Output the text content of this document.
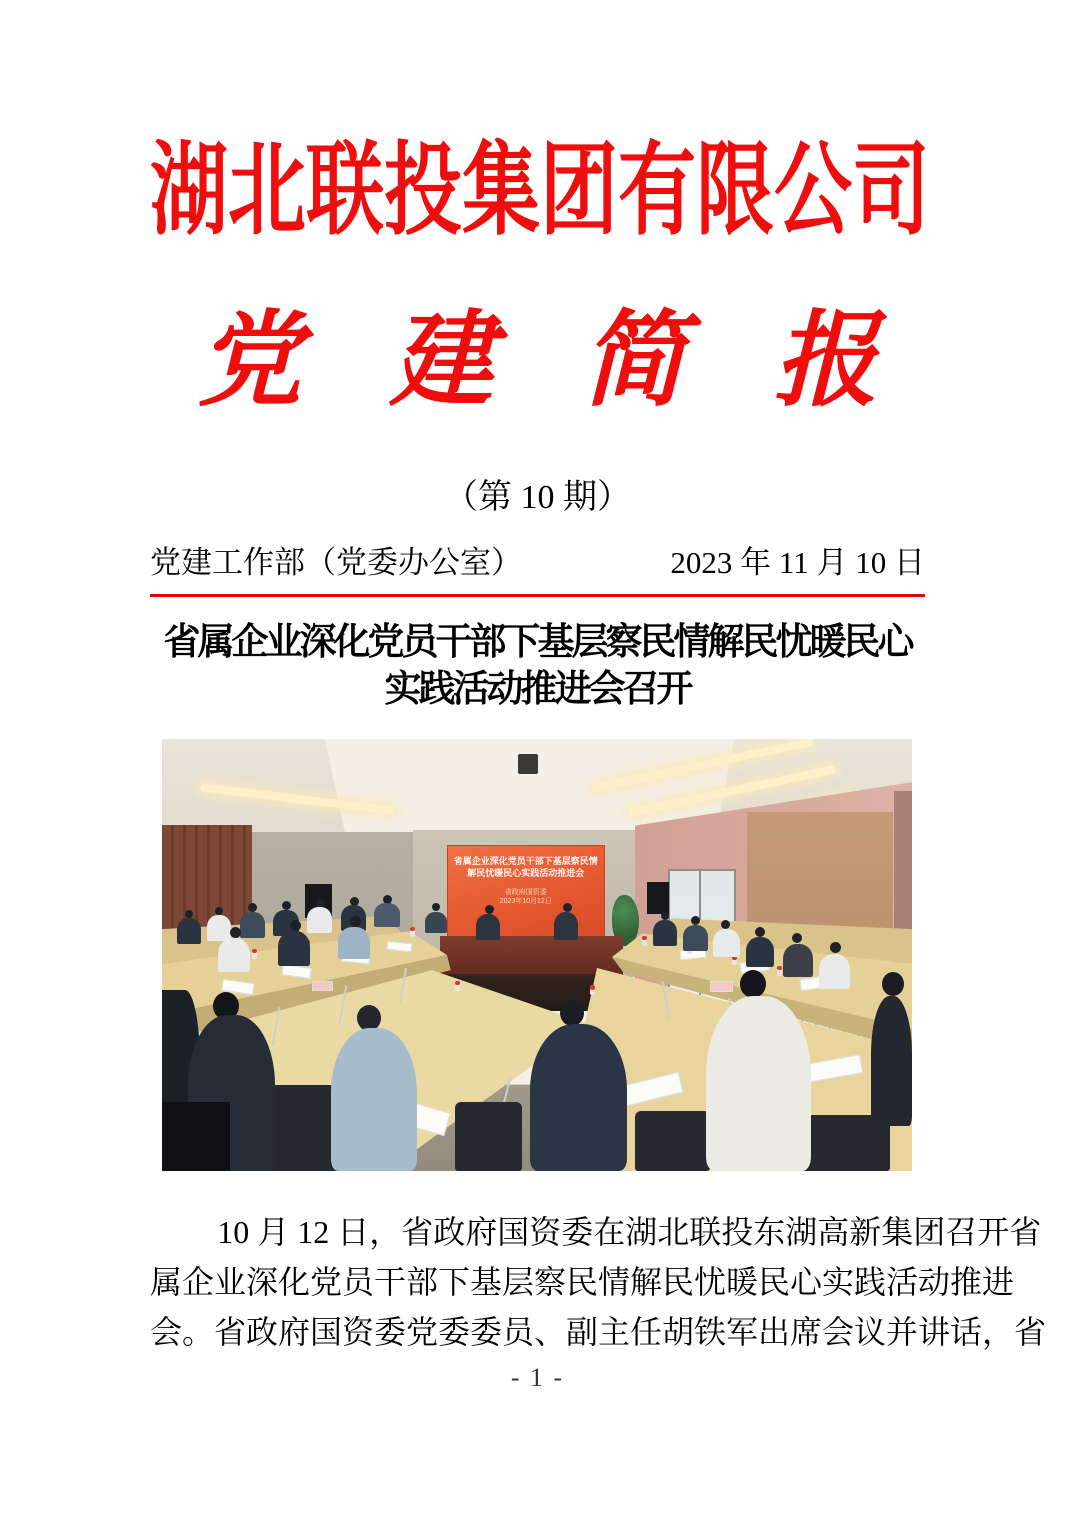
湖北联投集团有限公司
党 建 简 报
（第 10 期）
党建工作部（党委办公室）	2023 年 11 月 10 日
省属企业深化党员干部下基层察民情解民忧暖民心
实践活动推进会召开
省属企业深化党员干部下基层察民情
解民忧暖民心实践活动推进会
省政府国资委
2023年10月12日
10 月 12 日，省政府国资委在湖北联投东湖高新集团召开省
属企业深化党员干部下基层察民情解民忧暖民心实践活动推进
会。省政府国资委党委委员、副主任胡铁军出席会议并讲话，省
- 1 -
